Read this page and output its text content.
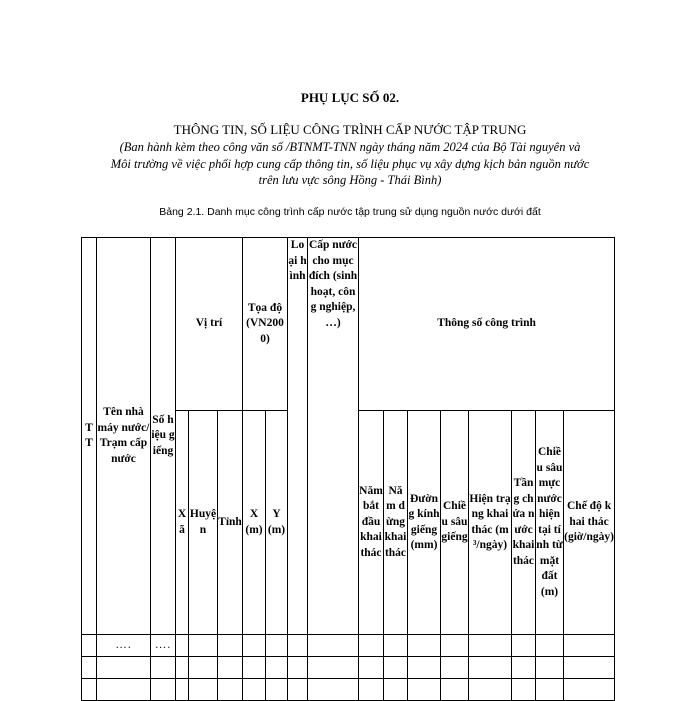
PHỤ LỤC SỐ 02.
THÔNG TIN, SỐ LIỆU CÔNG TRÌNH CẤP NƯỚC TẬP TRUNG
(Ban hành kèm theo công văn số /BTNMT-TNN ngày tháng năm 2024 của Bộ Tài nguyên và Môi trường về việc phối hợp cung cấp thông tin, số liệu phục vụ xây dựng kịch bản nguồn nước trên lưu vực sông Hồng - Thái Bình)
Bảng 2.1. Danh mục công trình cấp nước tập trung sử dụng nguồn nước dưới đất
TT	Tên nhà máy nước/Trạm cấp nước	Số hiệu giếng	Vị trí			Tọa độ (VN2000)		Loại hình	Cấp nước cho mục đích (sinh hoạt, công nghiệp, …)	Thông số công trình							
			Xã	Huyện	Tỉnh	X (m)	Y (m)			Năm bắt đầu khai thác	Năm dừng khai thác	Đường kính giếng (mm)	Chiều sâu giếng	Hiện trạng khai thác (m³/ngày)	Tầng chứa nước khai thác	Chiều sâu mực nước hiện tại tính từ mặt đất (m)	Chế độ khai thác (giờ/ngày)
	….	….															
